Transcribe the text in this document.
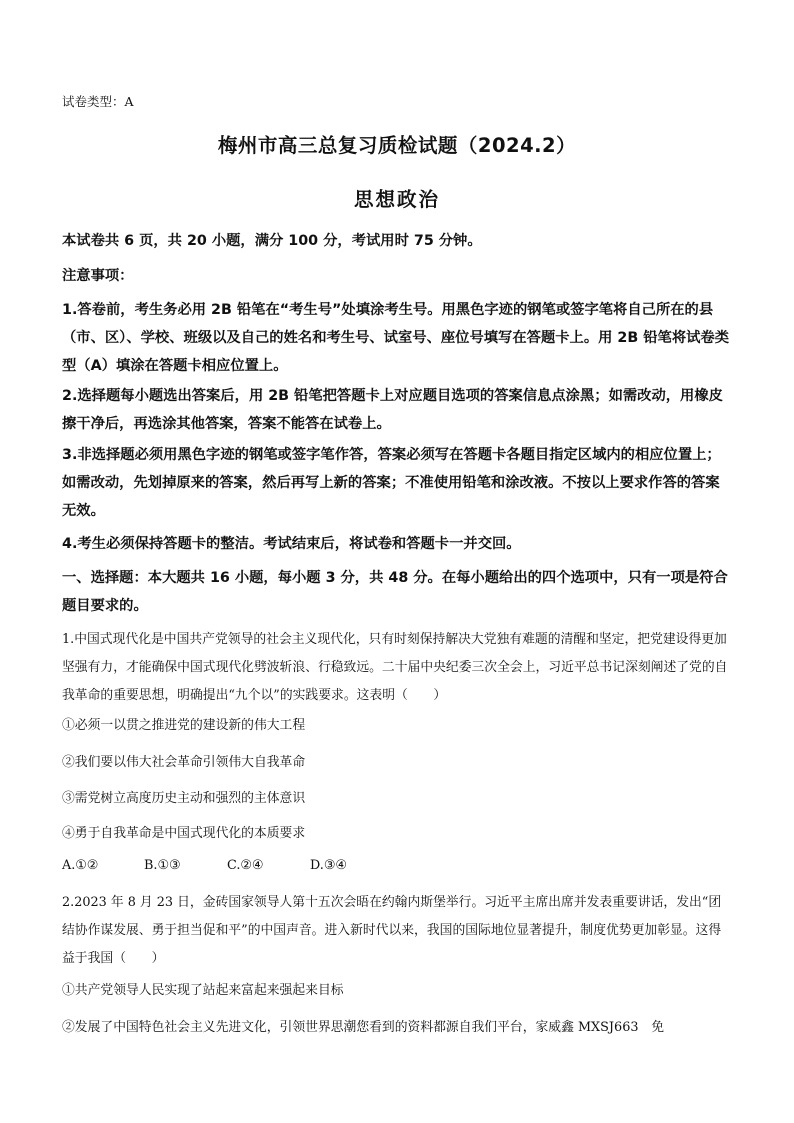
试卷类型：A
梅州市高三总复习质检试题（2024.2）
思想政治
本试卷共 6 页，共 20 小题，满分 100 分，考试用时 75 分钟。
注意事项：
1.答卷前，考生务必用 2B 铅笔在“考生号”处填涂考生号。用黑色字迹的钢笔或签字笔将自己所在的县（市、区）、学校、班级以及自己的姓名和考生号、试室号、座位号填写在答题卡上。用 2B 铅笔将试卷类型（A）填涂在答题卡相应位置上。
2.选择题每小题选出答案后，用 2B 铅笔把答题卡上对应题目选项的答案信息点涂黑；如需改动，用橡皮擦干净后，再选涂其他答案，答案不能答在试卷上。
3.非选择题必须用黑色字迹的钢笔或签字笔作答，答案必须写在答题卡各题目指定区域内的相应位置上；如需改动，先划掉原来的答案，然后再写上新的答案；不准使用铅笔和涂改液。不按以上要求作答的答案无效。
4.考生必须保持答题卡的整洁。考试结束后，将试卷和答题卡一并交回。
一、选择题：本大题共 16 小题，每小题 3 分，共 48 分。在每小题给出的四个选项中，只有一项是符合题目要求的。
1.中国式现代化是中国共产党领导的社会主义现代化，只有时刻保持解决大党独有难题的清醒和坚定，把党建设得更加坚强有力，才能确保中国式现代化劈波斩浪、行稳致远。二十届中央纪委三次全会上，习近平总书记深刻阐述了党的自我革命的重要思想，明确提出“九个以”的实践要求。这表明（　　）
①必须一以贯之推进党的建设新的伟大工程
②我们要以伟大社会革命引领伟大自我革命
③需党树立高度历史主动和强烈的主体意识
④勇于自我革命是中国式现代化的本质要求
A.①②	B.①③	C.②④	D.③④
2.2023 年 8 月 23 日，金砖国家领导人第十五次会晤在约翰内斯堡举行。习近平主席出席并发表重要讲话，发出“团结协作谋发展、勇于担当促和平”的中国声音。进入新时代以来，我国的国际地位显著提升，制度优势更加彰显。这得益于我国（　　）
①共产党领导人民实现了站起来富起来强起来目标
②发展了中国特色社会主义先进文化，引领世界思潮您看到的资料都源自我们平台，家威鑫 MXSJ663　免
